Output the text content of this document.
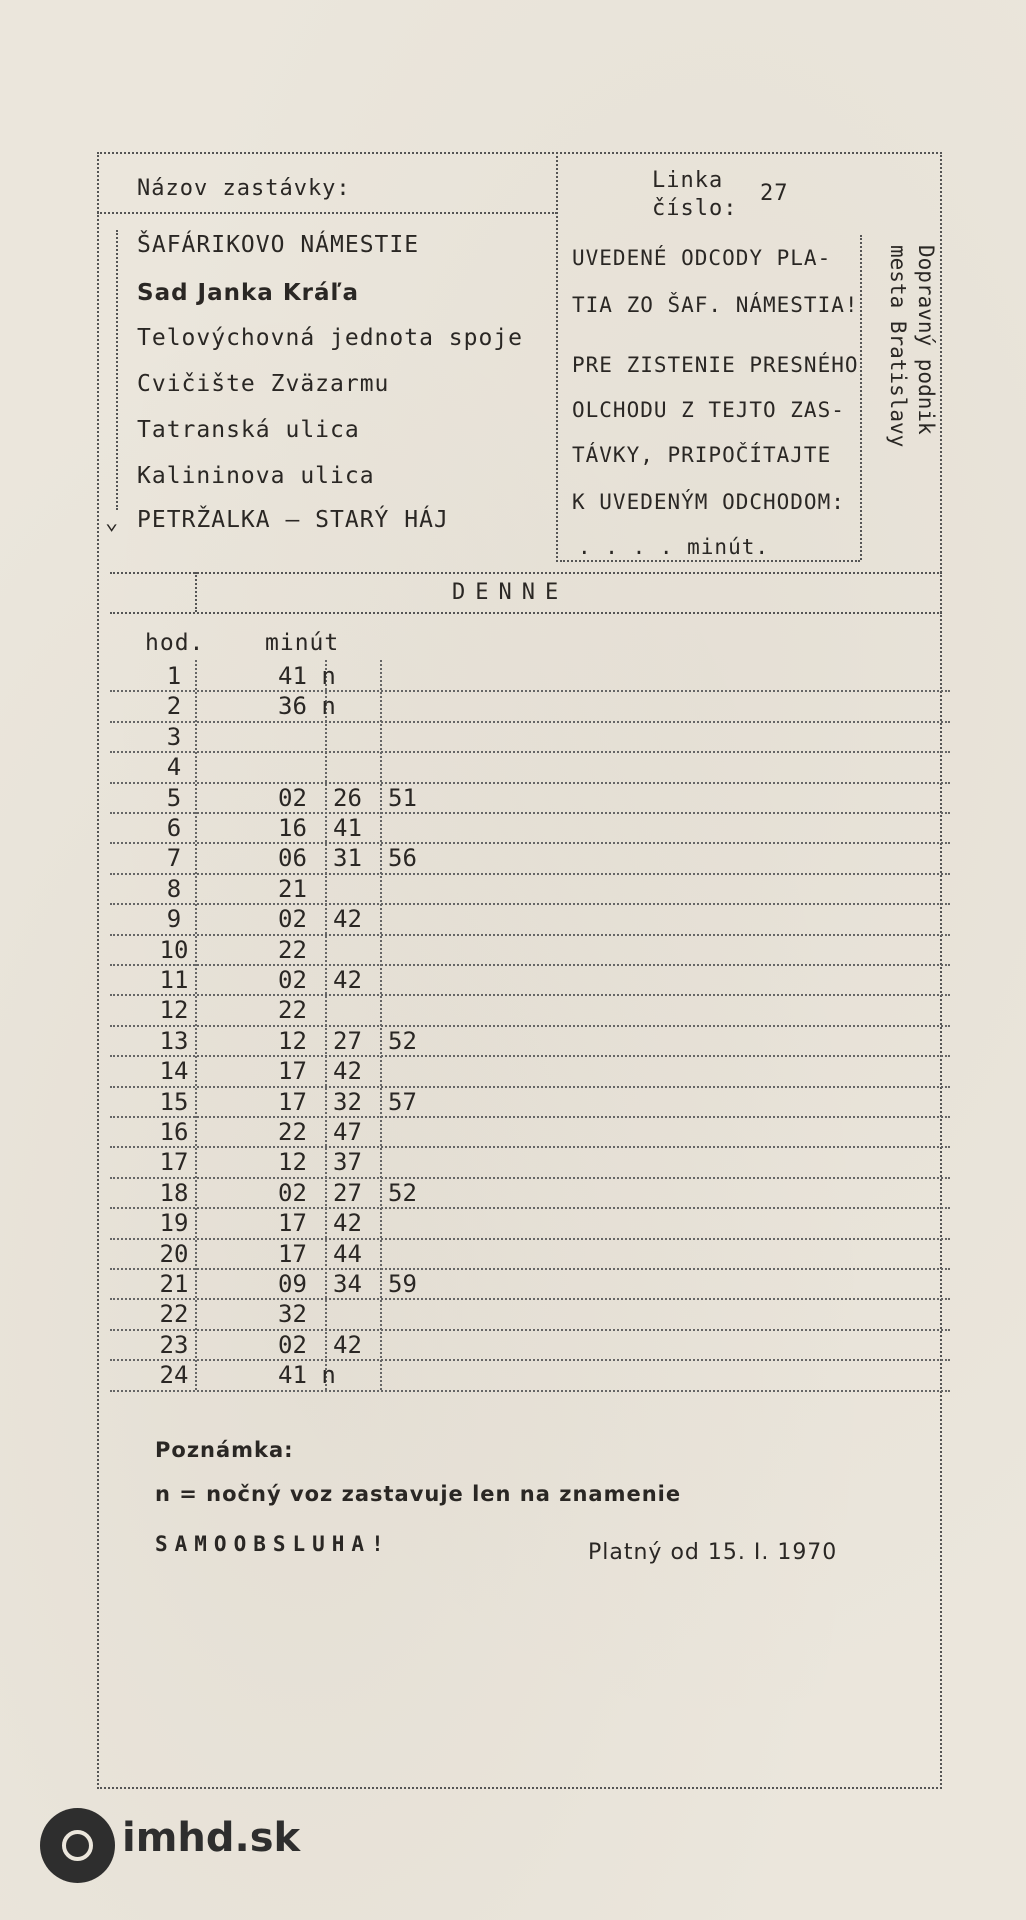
Názov zastávky:	Linka
číslo:
27
ŠAFÁRIKOVO NÁMESTIE
Sad Janka Kráľa
Telovýchovná jednota spoje
Cvičište Zväzarmu
Tatranská ulica
Kalininova ulica
PETRŽALKA – STARÝ HÁJ
⌄
UVEDENÉ ODCODY PLA-
TIA ZO ŠAF. NÁMESTIA!
PRE ZISTENIE PRESNÉHO
OLCHODU Z TEJTO ZAS-
TÁVKY, PRIPOČÍTAJTE
K UVEDENÝM ODCHODOM:
. . . . minút.
Dopravný podnik
mesta Bratislavy
DENNE
hod.	minút
1	41 n
2	36 n
3
4
5	02 26 51
6	16 41
7	06 31 56
8	21
9	02 42
10	22
11	02 42
12	22
13	12 27 52
14	17 42
15	17 32 57
16	22 47
17	12 37
18	02 27 52
19	17 42
20	17 44
21	09 34 59
22	32
23	02 42
24	41 n
Poznámka:
n = nočný voz zastavuje len na znamenie
SAMOOBSLUHA!	Platný od 15. I. 1970
imhd.sk
